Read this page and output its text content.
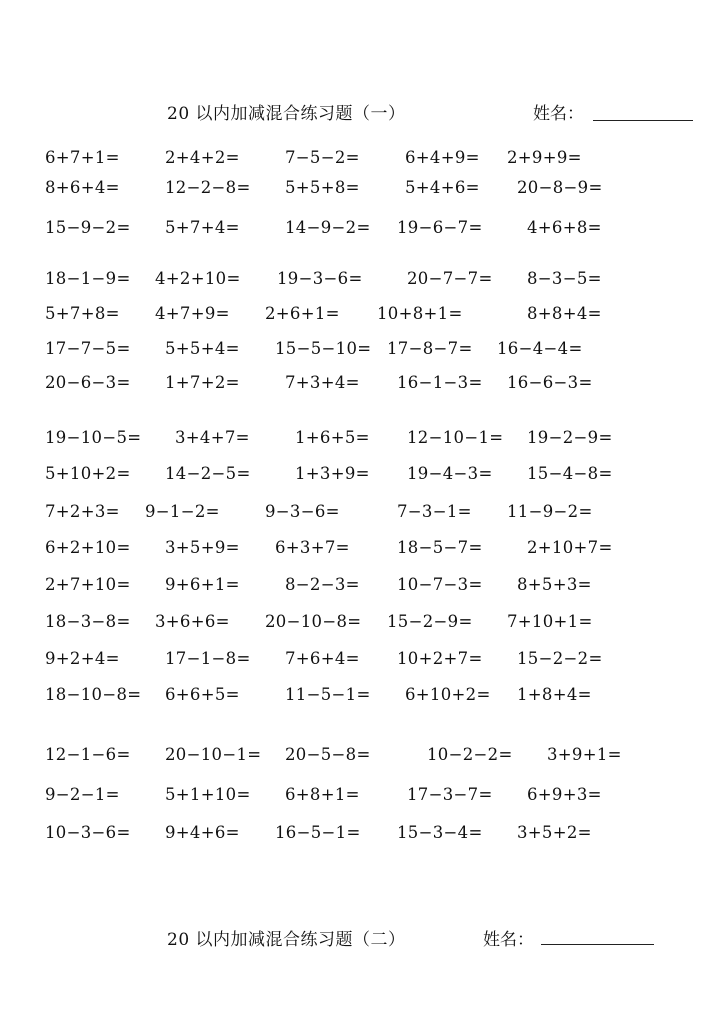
20 以内加减混合练习题（一）	姓名：
6+7+1=	2+4+2=	7−5−2=	6+4+9= 2+9+9=
8+6+4=	12−2−8= 5+5+8=	5+4+6= 20−8−9=
15−9−2= 5+7+4=	14−9−2= 19−6−7=	4+6+8=
18−1−9= 4+2+10= 19−3−6=	20−7−7= 8−3−5=
5+7+8= 4+7+9= 2+6+1= 10+8+1=	8+8+4=
17−7−5= 5+5+4= 15−5−10= 17−8−7= 16−4−4=
20−6−3= 1+7+2=	7+3+4= 16−1−3= 16−6−3=
19−10−5= 3+4+7=	1+6+5= 12−10−1= 19−2−9=
5+10+2= 14−2−5=	1+3+9= 19−4−3= 15−4−8=
7+2+3= 9−1−2=	9−3−6=	7−3−1= 11−9−2=
6+2+10= 3+5+9= 6+3+7=	18−5−7=	2+10+7=
2+7+10= 9+6+1=	8−2−3= 10−7−3= 8+5+3=
18−3−8= 3+6+6= 20−10−8= 15−2−9= 7+10+1=
9+2+4=	17−1−8= 7+6+4= 10+2+7= 15−2−2=
18−10−8= 6+6+5=	11−5−1= 6+10+2= 1+8+4=
12−1−6= 20−10−1= 20−5−8=	10−2−2= 3+9+1=
9−2−1=	5+1+10= 6+8+1=	17−3−7= 6+9+3=
10−3−6= 9+4+6= 16−5−1= 15−3−4= 3+5+2=
20 以内加减混合练习题（二）	姓名：
